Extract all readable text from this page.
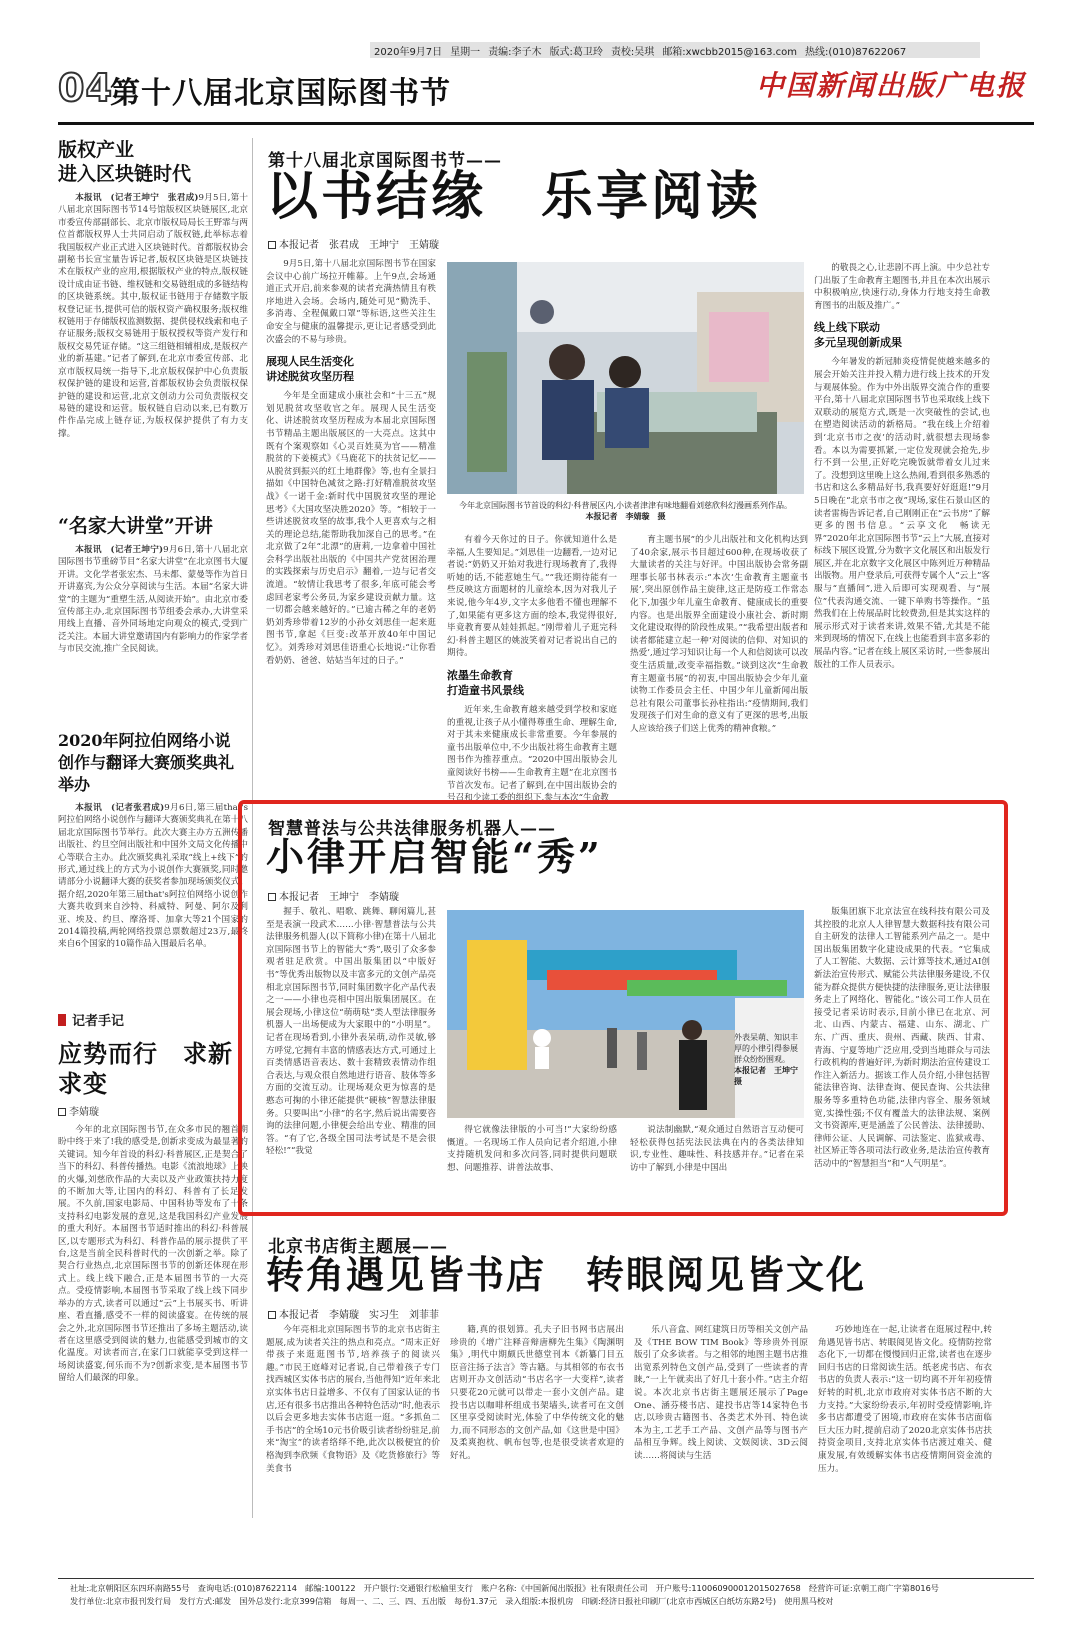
04
第十八届北京国际图书节	中国新闻出版广电报
2020年9月7日 星期一 责编:李子木 版式:葛卫玲 责校:吴琪 邮箱:xwcbb2015@163.com 热线:(010)87622067
版权产业
进入区块链时代
本报讯　(记者王坤宁　张君成)9月5日,第十八届北京国际图书节14号馆版权区块链展区,北京市委宣传部副部长、北京市版权局局长王野霏与两位首都版权界人士共同启动了版权链,此举标志着我国版权产业正式进入区块链时代。首都版权协会副秘书长宣宝量告诉记者,版权区块链是区块链技术在版权产业的应用,根据版权产业的特点,版权链设计成由证书链、维权链和交易链组成的多链结构的区块链系统。其中,版权证书链用于存储数字版权登记证书,提供可信的版权资产确权服务;版权维权链用于存储版权监测数据、提供侵权线索和电子存证服务;版权交易链用于版权授权等资产发行和版权交易凭证存储。“这三组链相辅相成,是版权产业的新基建。”记者了解到,在北京市委宣传部、北京市版权局统一指导下,北京版权保护中心负责版权保护链的建设和运营,首都版权协会负责版权保护链的建设和运营,北京文创动力公司负责版权交易链的建设和运营。版权链自启动以来,已有数万件作品完成上链存证,为版权保护提供了有力支撑。
“名家大讲堂”开讲
本报讯　(记者王坤宁)9月6日,第十八届北京国际图书节重磅节目“名家大讲堂”在北京图书大厦开讲。文化学者张宏杰、马未都、蒙曼等作为首日开讲嘉宾,为公众分享阅读与生活。本届“名家大讲堂”的主题为“重塑生活,从阅读开始”。由北京市委宣传部主办,北京国际图书节组委会承办,大讲堂采用线上直播、音外同场地定向观众的模式,受到广泛关注。本届大讲堂邀请国内有影响力的作家学者与市民交流,推广全民阅读。
2020年阿拉伯网络小说
创作与翻译大赛颁奖典礼举办
本报讯　(记者张君成)9月6日,第三届that's阿拉伯网络小说创作与翻译大赛颁奖典礼在第十八届北京国际图书节举行。此次大赛主办方五洲传播出版社、约旦空间出版社和中国外文局文化传播中心等联合主办。此次颁奖典礼采取“线上+线下”的形式,通过线上的方式为小说创作大赛颁奖,同时邀请部分小说翻译大赛的获奖者参加现场颁奖仪式。据介绍,2020年第三届that's阿拉伯网络小说创作大赛共收到来自沙特、科威特、阿曼、阿尔及利亚、埃及、约旦、摩洛哥、加拿大等21个国家的2014篇投稿,两轮网络投票总票数超过23万,最终来自6个国家的10篇作品入围最后名单。
记者手记
应势而行　求新求变
李婧璇
今年的北京国际图书节,在众多市民的翘首期盼中终于来了!我的感受是,创新求变成为最显著的关键词。知今年首设的科幻·科普展区,正是契合了当下的科幻、科普传播热。电影《流浪地球》上映的火爆,刘慈欣作品的大卖以及产业政策扶持力度的不断加大等,让国内的科幻、科普有了长足发展。不久前,国家电影局、中国科协等发布了十条支持科幻电影发展的意见,这是我国科幻产业发展的重大利好。本届图书节适时推出的科幻·科普展区,以专题形式为科幻、科普作品的展示提供了平台,这是当前全民科普时代的一次创新之举。除了契合行业热点,北京国际图书节的创新还体现在形式上。线上线下融合,正是本届图书节的一大亮点。受疫情影响,本届图书节采取了线上线下同步举办的方式,读者可以通过“云”上书展买书、听讲座、看直播,感受不一样的阅读盛宴。在传统的展会之外,北京国际图书节还推出了多场主题活动,读者在这里感受到阅读的魅力,也能感受到城市的文化温度。对读者而言,在家门口就能享受到这样一场阅读盛宴,何乐而不为?创新求变,是本届图书节留给人们最深的印象。
第十八届北京国际图书节——
以书结缘　乐享阅读
本报记者　张君成　王坤宁　王婧璇

9月5日,第十八届北京国际图书节在国家会议中心前广场拉开帷幕。上午9点,会场通道正式开启,前来参观的读者充满热情且有秩序地进入会场。会场内,随处可见“勤洗手、多消毒、全程佩戴口罩”等标语,这些关注生命安全与健康的温馨提示,更让记者感受到此次盛会的不易与珍贵。

展现人民生活变化
讲述脱贫攻坚历程

今年是全面建成小康社会和“十三五”规划见脱贫攻坚收官之年。展现人民生活变化、讲述脱贫攻坚历程成为本届北京国际图书节精品主题出版展区的一大亮点。这其中既有个案观察如《心灵百姓莫为官——精准脱贫的下姜模式》《马鹿花下的扶贫记忆——从脱贫到振兴的红土地群像》等,也有全景扫描如《中国特色减贫之路:打好精准脱贫攻坚战》《一诺千金:新时代中国脱贫攻坚的理论思考》《大国攻坚决胜2020》等。“相较于一些讲述脱贫攻坚的故事,我个人更喜欢与之相关的理论总结,能帮助我加深自己的思考。”在北京做了2年“北漂”的唐莉,一边拿着中国社会科学出版社出版的《中国共产党贫困治理的实践探索与历史启示》翻着,一边与记者交流道。“较情让我思考了很多,年底可能会考虑回老家考公务员,为家乡建设贡献力量。这一切都会越来越好的。”已逾古稀之年的老奶奶刘秀珍带着12岁的小孙女刘思佳一起来逛图书节,拿起《巨变:改革开放40年中国记忆》。刘秀珍对刘思佳语重心长地说:“让你看看奶奶、爸爸、姑姑当年过的日子。”

今年北京国际图书节首设的科幻·科普展区内,小读者津津有味地翻看刘慈欣科幻漫画系列作品。
本报记者　李婧璇　摄

有着今天你过的日子。你就知道什么是幸福,人生要知足。”刘思佳一边翻看,一边对记者说:“奶奶又开始对我进行现场教育了,我得听她的话,不能惹她生气。”“我还期待能有一些反映这方面题材的儿童绘本,因为对我儿子来说,他今年4岁,文字太多他看不懂也理解不了,如果能有更多这方面的绘本,我觉得很好,毕竟教育要从娃娃抓起。”刚带着儿子逛完科幻·科普主题区的姚波笑着对记者说出自己的期待。

浓墨生命教育
打造童书风景线

近年来,生命教育越来越受到学校和家庭的重视,让孩子从小懂得尊重生命、理解生命,对于其未来健康成长非常重要。今年参展的童书出版单位中,不少出版社将生命教育主题图书作为推荐重点。“2020中国出版协会儿童阅读好书榜——生命教育主题”在北京图书节首次发布。记者了解到,在中国出版协会的号召和少读工委的组织下,参与本次“生命教

育主题书展”的少儿出版社和文化机构达到了40余家,展示书目超过600种,在现场收获了大量读者的关注与好评。中国出版协会常务副理事长邬书林表示:“本次‘生命教育主题童书展’,突出原创作品主旋律,这正是防疫工作常态化下,加强少年儿童生命教育、健康成长的重要内容。也是出版界全面建设小康社会、新时期文化建设取得的阶段性成果。”“我希望出版者和读者都能建立起一种‘对阅读的信仰、对知识的热爱’,通过学习知识让每一个人和信阅读可以改变生活质量,改变幸福指数。”谈到这次“生命教育主题童书展”的初衷,中国出版协会少年儿童读物工作委员会主任、中国少年儿童新闻出版总社有限公司董事长孙柱指出:“疫情期间,我们发现孩子们对生命的意义有了更深的思考,出版人应该给孩子们送上优秀的精神食粮。”

的敬畏之心,让悲剧不再上演。中少总社专门出版了生命教育主题图书,并且在本次出展示中积极响应,快速行动,身体力行地支持生命教育图书的出版及推广。”

线上线下联动
多元呈现创新成果

今年暑发的新冠肺炎疫情促使越来越多的展会开始关注并投入精力进行线上技术的开发与观展体验。作为中外出版界交流合作的重要平台,第十八届北京国际图书节也采取线上线下双联动的展览方式,既是一次突破性的尝试,也在塑造阅读活动的新格局。“我在线上介绍着到‘北京书市之夜’的活动时,就很想去现场参看。本以为需要抓紧,一定位发现就会抢先,步行不到一公里,正好吃完晚饭就带着女儿过来了。没想到这里晚上这么热闹,看到很多熟悉的书店和这么多精品好书,我真要好好逛逛!”9月5日晚在“北京书市之夜”现场,家住石景山区的读者雷梅告诉记者,自己刚刚正在“云书房”了解更多的图书信息。“云享文化　畅读无界”2020年北京国际图书节“云上”大展,直接对标线下展区设置,分为数字文化展区和出版发行展区,并在北京数字文化展区中陈列近万种精品出版物。用户登录后,可获得专属个人“云上”客服与“直播间”,进入后即可实现观看、与“展位”代表沟通交流、一键下单购书等操作。“虽然我们在上传展品时比较费劲,但是其实这样的展示形式对于读者来讲,效果不错,尤其是不能来到现场的情况下,在线上也能看到丰富多彩的展品内容。”记者在线上展区采访时,一些参展出版社的工作人员表示。

智慧普法与公共法律服务机器人——
小律开启智能“秀”
本报记者　王坤宁　李婧璇

握手、敬礼、唱歌、跳舞、聊闲篇儿,甚至是表演一段武术……小律·智慧普法与公共法律服务机器人(以下简称小律)在第十八届北京国际图书节上的智能大“秀”,吸引了众多参观者驻足欣赏。中国出版集团以“中版好书”等优秀出版物以及丰富多元的文创产品亮相北京国际图书节,同时集团数字化产品代表之一——小律也亮相中国出版集团展区。在展会现场,小律这位“萌萌哒”类人型法律服务机器人一出场便成为大家眼中的“小明星”。记者在现场看到,小律外表呆萌,动作灵敏,够方呼觉,它拥有丰富的情感表达方式,可通过上百类情感语音表达、数十套精致表情动作组合表达,与观众很自然地进行语音、肢体等多方面的交流互动。让现场观众更为惊喜的是憨态可掬的小律还能提供“硬核”智慧法律服务。只要叫出“小律”的名字,然后说出需要咨询的法律问题,小律便会给出专业、精准的回答。“有了它,各级全国司法考试是不是会很轻松!”“我觉

外表呆萌、知识丰厚的小律引得参展群众纷纷围观。
本报记者　王坤宁　摄

得它就像法律版的小可当!”大家纷纷感慨道。一名现场工作人员向记者介绍道,小律支持随机发问和多次问答,同时提供问题联想、问题推荐、讲普法故事、

说法制幽默,“观众通过自然语言互动便可轻松获得包括宪法民法典在内的各类法律知识,专业性、趣味性、科技感并存。”记者在采访中了解到,小律是中国出

版集团旗下北京法宣在线科技有限公司及其控股的北京人人律智慧大数据科技有限公司自主研发的法律人工智能系列产品之一。是中国出版集团数字化建设成果的代表。“它集成了人工智能、大数据、云计算等技术,通过AI创新法治宣传形式、赋能公共法律服务建设,不仅能为群众提供方便快捷的法律服务,更让法律服务走上了网络化、智能化。”该公司工作人员在接受记者采访时表示,目前小律已在北京、河北、山西、内蒙古、福建、山东、湖北、广东、广西、重庆、贵州、西藏、陕西、甘肃、青海、宁夏等地广泛应用,受到当地群众与司法行政机构的普遍好评,为新时期法治宣传建设工作注入新活力。据该工作人员介绍,小律包括智能法律咨询、法律查询、便民查询、公共法律服务等多重特色功能,法律内容全、服务领域宽,实操性强;不仅有覆盖大的法律法规、案例文书资源库,更是涵盖了公民普法、法律援助、律师公证、人民调解、司法鉴定、监狱戒毒、社区矫正等各项司法行政业务,是法治宣传教育活动中的“智慧担当”和“人气明星”。

北京书店街主题展——
转角遇见皆书店　转眼阅见皆文化
本报记者　李婧璇　实习生　刘菲菲

今年亮相北京国际图书节的北京书店街主题展,成为读者关注的热点和亮点。“周末正好带孩子来逛逛图书节,培养孩子的阅读兴趣。”市民王庭峰对记者说,自己带着孩子专门找西城区实体书店的展台,当他得知“近年来北京实体书店日益增多、不仅有了国家认证的书店,还有很多书店推出各种特色活动”时,他表示以后会更多地去实体书店逛一逛。“多抓鱼二手书店”的全场10元书价吸引读者纷纷驻足,前来“淘宝”的读者络绎不绝,此次以极便宜的价格淘到李欣频《食物语》及《吃货修旅行》等美食书

籍,真的很划算。孔夫子旧书网书店展出珍贵的《增广注释音辩唐柳先生集》《陶渊明集》,明代中期颇氏世德堂刊本《新纂门目五臣音注扬子法言》等古籍。与其相邻的布衣书店则开办文创活动“书店名字一大变样”,读者只要花20元就可以带走一套小文创产品。建投书店以咖啡杯组成书架墙头,读者可在文创区里享受阅读时光,体验了中华传统文化的魅力,而不同形态的文创产品,如《这世是中国》及柔爽抱枕、帆布包等,也是很受读者欢迎的好礼。

乐八音盒、网红建筑日历等相关文创产品及《THE BOW TIM Book》等珍贵外刊原版引了众多读者。与之相邻的地图主题书店推出宽系列特色文创产品,受到了一些读者的青睐,“一上午就卖出了好几十套小件。”店主介绍说。本次北京书店街主题展还展示了Page One、涵芬楼书店、建投书店等14家特色书店,以珍贵古籍图书、各类艺术外刊、特色读本为主,工艺手工产品、文创产品等与图书产品相互争辉。线上阅读、文娱阅读、3D云阅读……将阅读与生活

巧妙地连在一起,让读者在逛展过程中,转角遇见皆书店、转眼阅见皆文化。疫情防控常态化下,一切都在慢慢回归正常,读者也在逐步回归书店的日常阅读生活。纸老虎书店、布衣书店的负责人表示:“这一切均离不开年初疫情好转的时机,北京市政府对实体书店不断的大力支持。”大家纷纷表示,年初时受疫情影响,许多书店都遭受了困境,市政府在实体书店面临巨大压力时,提前启动了2020北京实体书店扶持资金项目,支持北京实体书店渡过难关、健康发展,有效缓解实体书店疫情期间资金流的压力。

社址:北京朝阳区东四环南路55号　查询电话:(010)87622114　邮编:100122　开户银行:交通银行松榆里支行　账户名称:《中国新闻出版报》社有限责任公司　开户账号:110060900012015027658　经营许可证:京朝工商广字第8016号
发行单位:北京市报刊发行局　发行方式:邮发　国外总发行:北京399信箱　每周一、二、三、四、五出版　每份1.37元　录入组版:本报机房　印刷:经济日报社印刷厂(北京市西城区白纸坊东路2号)　使用黑马校对
